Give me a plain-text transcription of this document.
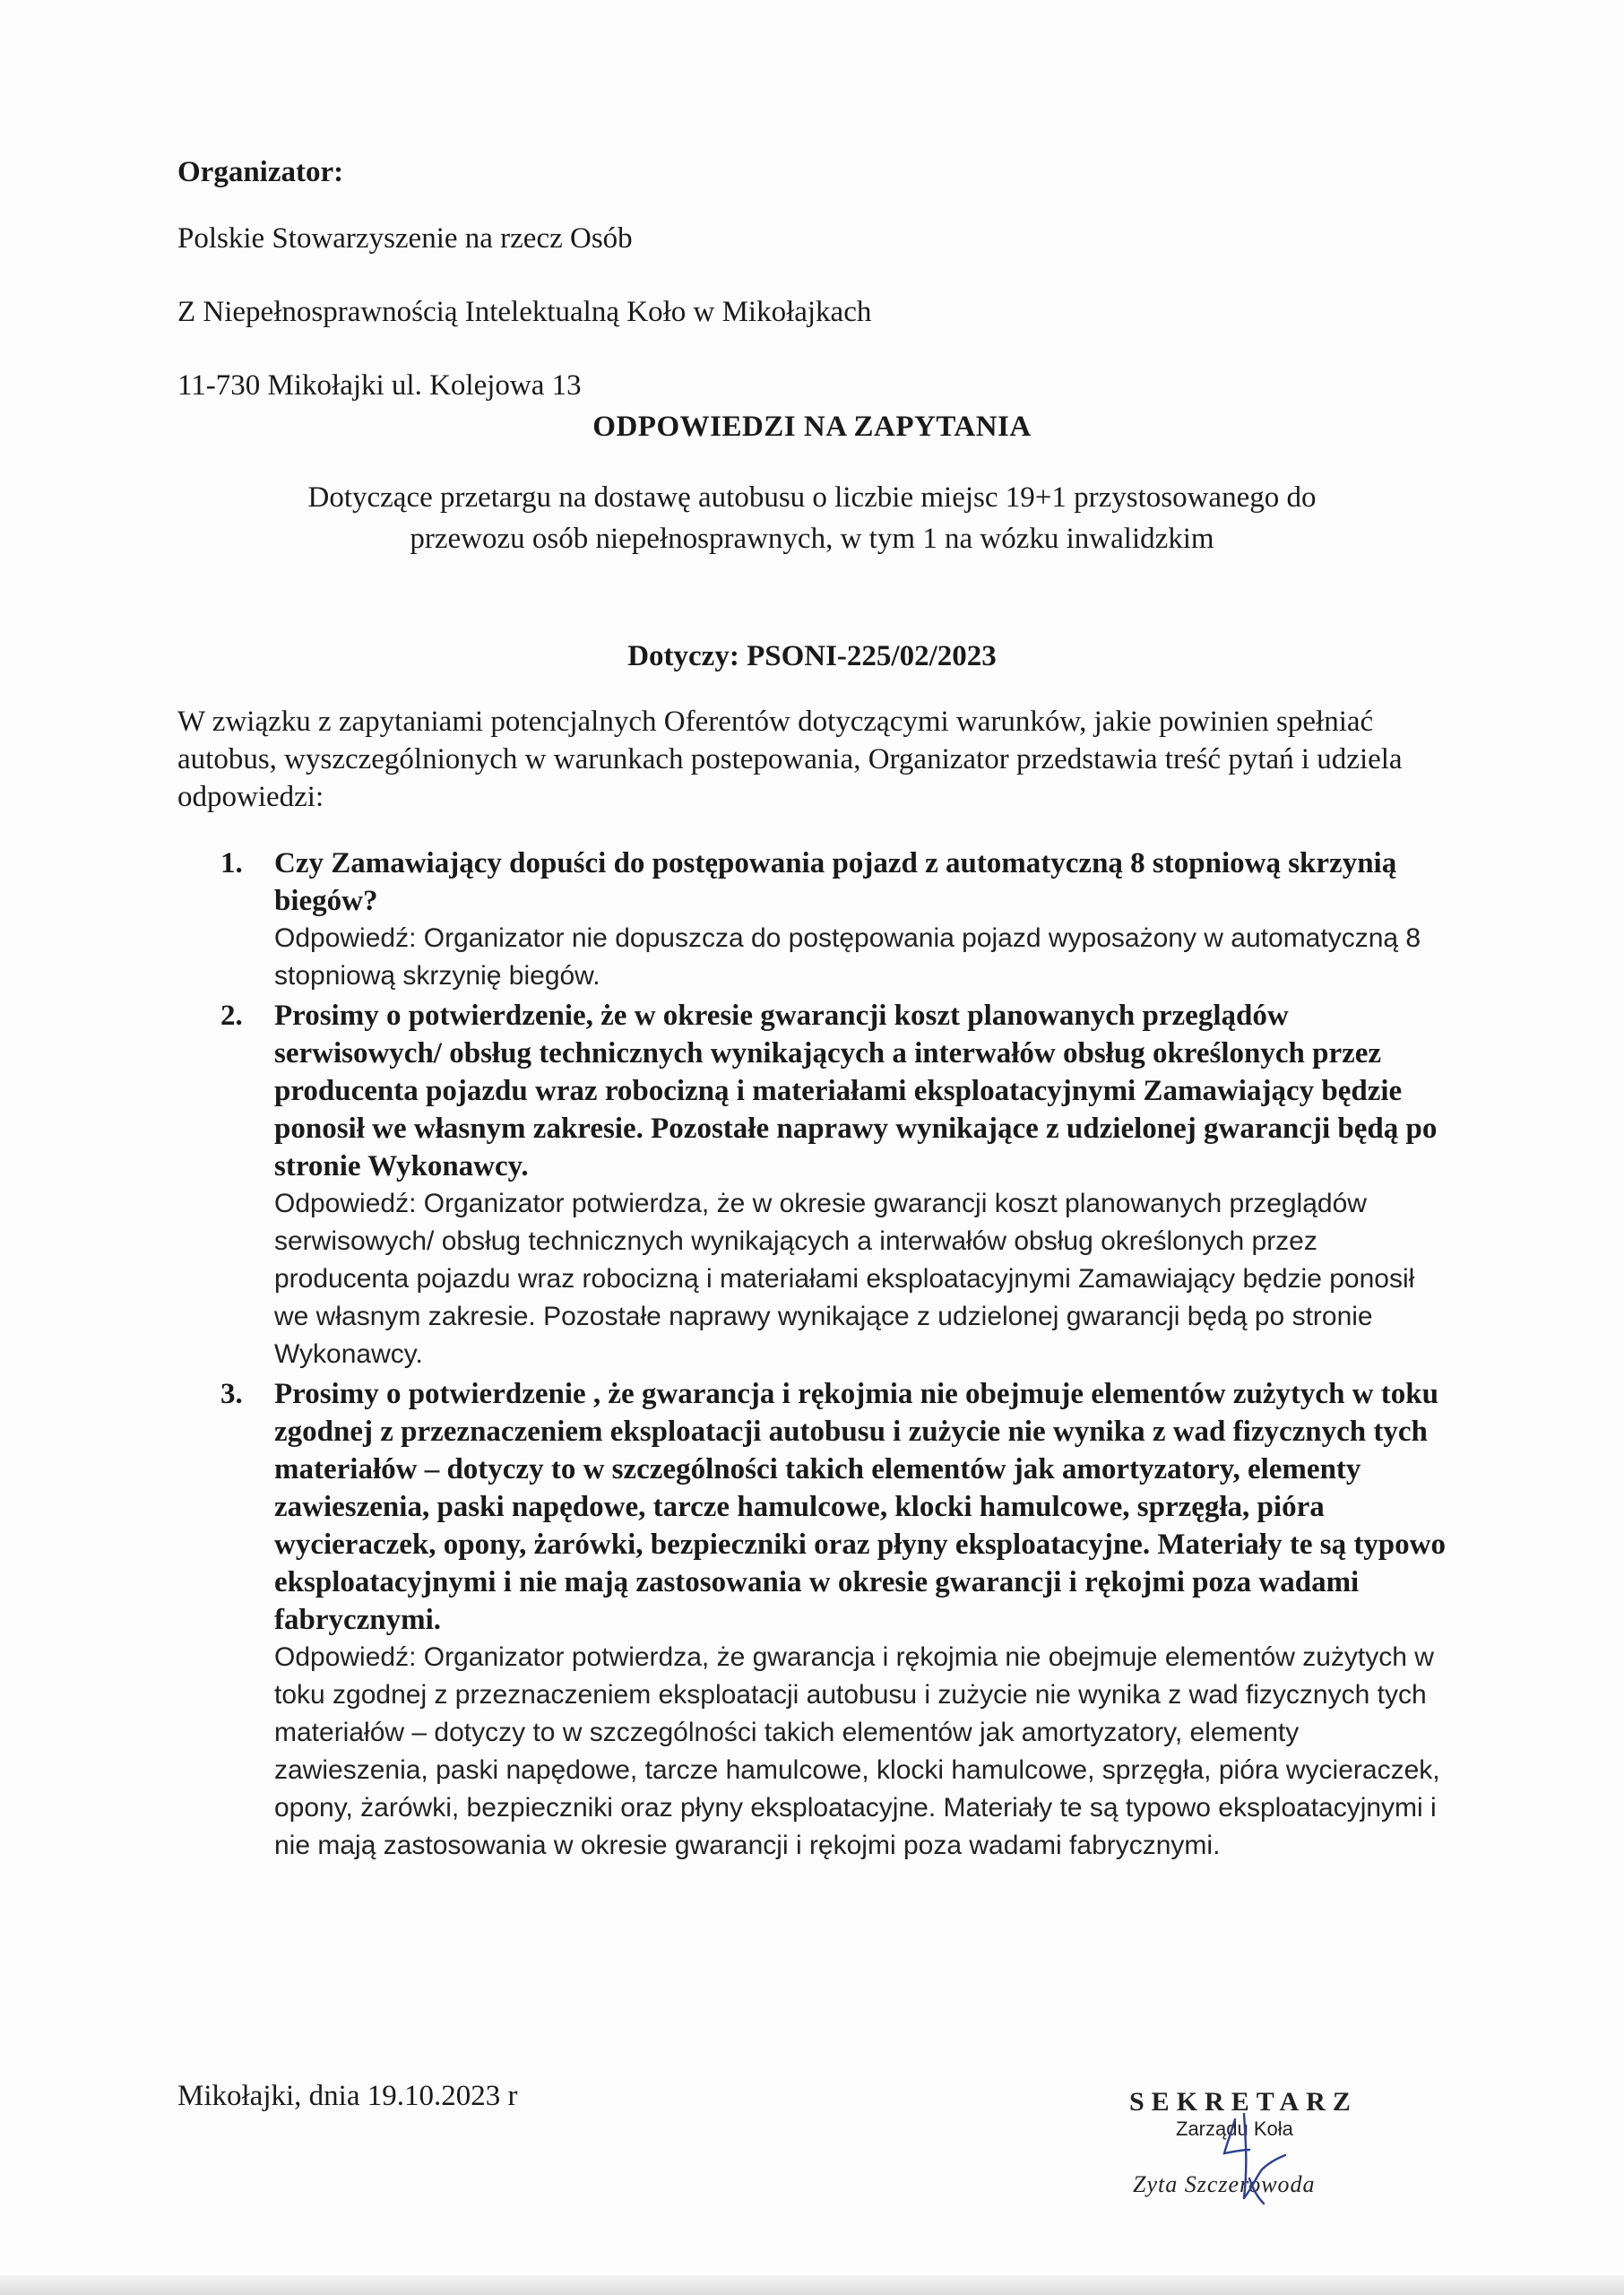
Organizator:
Polskie Stowarzyszenie na rzecz Osób
Z Niepełnosprawnością Intelektualną Koło w Mikołajkach
11-730 Mikołajki ul. Kolejowa 13
ODPOWIEDZI NA ZAPYTANIA
Dotyczące przetargu na dostawę autobusu o liczbie miejsc 19+1 przystosowanego do
przewozu osób niepełnosprawnych, w tym 1 na wózku inwalidzkim
Dotyczy: PSONI-225/02/2023
W związku z zapytaniami potencjalnych Oferentów dotyczącymi warunków, jakie powinien spełniać autobus, wyszczególnionych w warunkach postepowania, Organizator przedstawia treść pytań i udziela odpowiedzi:
1. Czy Zamawiający dopuści do postępowania pojazd z automatyczną 8 stopniową skrzynią biegów?
Odpowiedź: Organizator nie dopuszcza do postępowania pojazd wyposażony w automatyczną 8 stopniową skrzynię biegów.
2. Prosimy o potwierdzenie, że w okresie gwarancji koszt planowanych przeglądów serwisowych/ obsług technicznych wynikających a interwałów obsług określonych przez producenta pojazdu wraz robocizną i materiałami eksploatacyjnymi Zamawiający będzie ponosił we własnym zakresie. Pozostałe naprawy wynikające z udzielonej gwarancji będą po stronie Wykonawcy.
Odpowiedź: Organizator potwierdza, że w okresie gwarancji koszt planowanych przeglądów serwisowych/ obsług technicznych wynikających a interwałów obsług określonych przez producenta pojazdu wraz robocizną i materiałami eksploatacyjnymi Zamawiający będzie ponosił we własnym zakresie. Pozostałe naprawy wynikające z udzielonej gwarancji będą po stronie Wykonawcy.
3. Prosimy o potwierdzenie , że gwarancja i rękojmia nie obejmuje elementów zużytych w toku zgodnej z przeznaczeniem eksploatacji autobusu i zużycie nie wynika z wad fizycznych tych materiałów – dotyczy to w szczególności takich elementów jak amortyzatory, elementy zawieszenia, paski napędowe, tarcze hamulcowe, klocki hamulcowe, sprzęgła, pióra wycieraczek, opony, żarówki, bezpieczniki oraz płyny eksploatacyjne. Materiały te są typowo eksploatacyjnymi i nie mają zastosowania w okresie gwarancji i rękojmi poza wadami fabrycznymi.
Odpowiedź: Organizator potwierdza, że gwarancja i rękojmia nie obejmuje elementów zużytych w toku zgodnej z przeznaczeniem eksploatacji autobusu i zużycie nie wynika z wad fizycznych tych materiałów – dotyczy to w szczególności takich elementów jak amortyzatory, elementy zawieszenia, paski napędowe, tarcze hamulcowe, klocki hamulcowe, sprzęgła, pióra wycieraczek, opony, żarówki, bezpieczniki oraz płyny eksploatacyjne. Materiały te są typowo eksploatacyjnymi i nie mają zastosowania w okresie gwarancji i rękojmi poza wadami fabrycznymi.
Mikołajki, dnia 19.10.2023 r	SEKRETARZ
Zarządu Koła
Zyta Szczerowoda
